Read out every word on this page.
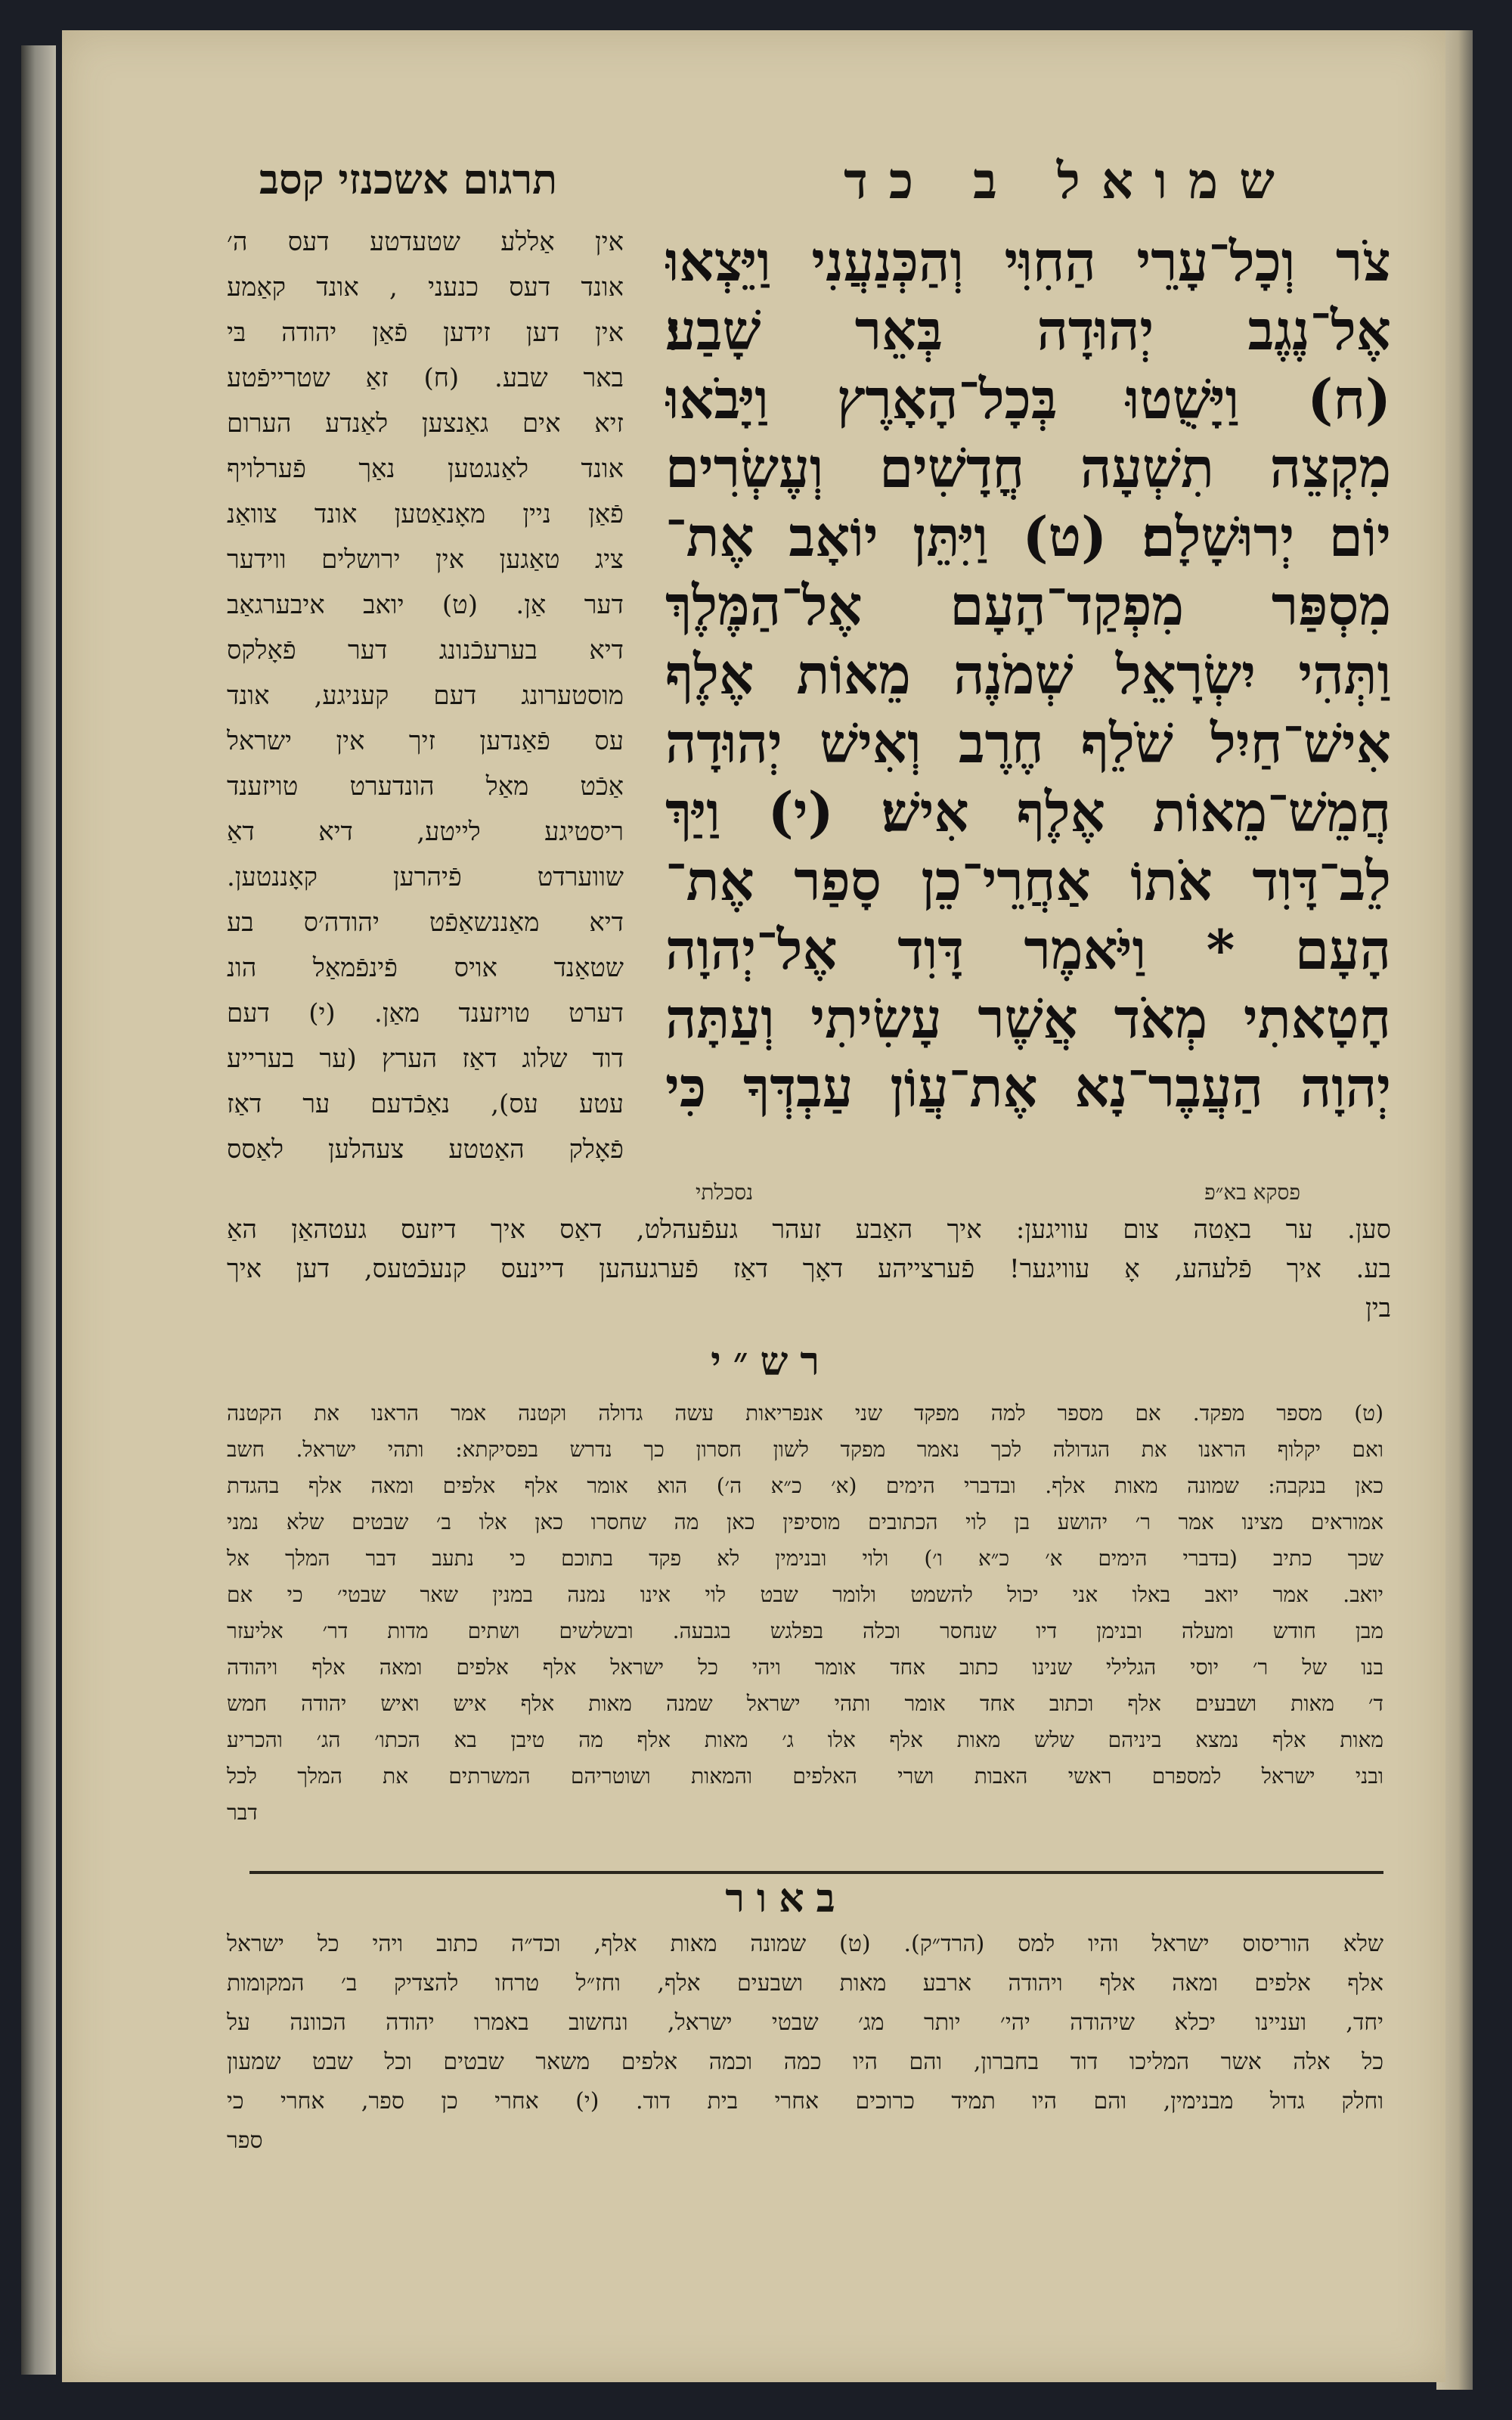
שמואל ב כד
תרגום אשכנזי קסב
צֹר וְכָל־עָרֵי הַחִוִּי וְהַכְּנַעֲנִי וַיֵּצְאוּ
אֶל־נֶגֶב יְהוּדָה בְּאֵר שָׁבַע׃
(ח) וַיָּשֻׁטוּ בְּכָל־הָאָרֶץ וַיָּבֹאוּ
מִקְצֵה תִשְׁעָה חֳדָשִׁים וְעֶשְׂרִים
יוֹם יְרוּשָׁלָם׃ (ט) וַיִּתֵּן יוֹאָב אֶת־
מִסְפַּר מִפְקַד־הָעָם אֶל־הַמֶּלֶךְ
וַתְּהִי יִשְׂרָאֵל שְׁמֹנֶה מֵאוֹת אֶלֶף
אִישׁ־חַיִל שֹׁלֵף חֶרֶב וְאִישׁ יְהוּדָה
חֲמֵשׁ־מֵאוֹת אֶלֶף אִישׁ׃ (י) וַיַּךְ
לֵב־דָּוִד אֹתוֹ אַחֲרֵי־כֵן סָפַר אֶת־
הָעָם * וַיֹּאמֶר דָּוִד אֶל־יְהוָה
חָטָאתִי מְאֹד אֲשֶׁר עָשִׂיתִי וְעַתָּה
יְהוָה הַעֲבֶר־נָא אֶת־עֲוֹן עַבְדְּךָ כִּי
פסקא בא״פ
נסכלתי
אין אַללע שטעדטע דעס ה׳
אונד דעס כנעני , אונד קאַמע
אין דען זידען פֿאַן יהודה בּי
באר שבע. (ח) זאַ שטרייפֿטע
זיא אים גאַנצען לאַנדע הערום
אונד לאַנגטען נאַך פֿערלויף
פֿאַן ניין מאָנאַטען אונד צוואַנ
ציג טאַגען אין ירושלים ווידער
דער אַן. (ט) יואב איבערגאַב
דיא בערעכֿנונג דער פֿאָלקס
מוסטערונג דעם קעניגע, אונד
עס פֿאַנדען זיך אין ישראל
אַכֿט מאַל הונדערט טויזענד
ריסטיגע לייטע, דיא דאַ
שווערדט פֿיהרען קאָננטען.
דיא מאַננשאַפֿט יהודה׳ס בע
שטאַנד אויס פֿינפֿמאַל הונ
דערט טויזענד מאַן. (י) דעם
דוד שלוג דאַז הערץ (ער בערייע
עטע עס), נאַכֿדעם ער דאַז
פֿאָלק האַטטע צעהלען לאַסס
סען. ער באַטה צום עוויגען: איך האַבע זעהר געפֿעהלט, דאַס איך דיזעס געטהאַן האַ
בע. איך פֿלעהע, אָ עוויגער! פֿערצייהע דאָך דאַז פֿערגעהען דיינעס קנעכֿטעס, דען איך
בין
רש״י
(ט) מספר מפקד. אם מספר למה מפקד שני אנפריאות עשה גדולה וקטנה אמר הראנו את הקטנה
ואם יקלוף הראנו את הגדולה לכך נאמר מפקד לשון חסרון כך נדרש בפסיקתא: ותהי ישראל. חשב
כאן בנקבה: שמונה מאות אלף. ובדברי הימים (א׳ כ״א ה׳) הוא אומר אלף אלפים ומאה אלף בהגדת
אמוראים מצינו אמר ר׳ יהושע בן לוי הכתובים מוסיפין כאן מה שחסרו כאן אלו ב׳ שבטים שלא נמני
שכך כתיב (בדברי הימים א׳ כ״א ו׳) ולוי ובנימין לא פקד בתוכם כי נתעב דבר המלך אל
יואב. אמר יואב באלו אני יכול להשמט ולומר שבט לוי אינו נמנה במנין שאר שבטי׳ כי אם
מבן חודש ומעלה ובנימן דיו שנחסר וכלה בפלגש בגבעה. ובשלשים ושתים מדות דר׳ אליעזר
בנו של ר׳ יוסי הגלילי שנינו כתוב אחד אומר ויהי כל ישראל אלף אלפים ומאה אלף ויהודה
ד׳ מאות ושבעים אלף וכתוב אחד אומר ותהי ישראל שמנה מאות אלף איש ואיש יהודה חמש
מאות אלף נמצא ביניהם שלש מאות אלף אלו ג׳ מאות אלף מה טיבן בא הכתו׳ הג׳ והכריע
ובני ישראל למספרם ראשי האבות ושרי האלפים והמאות ושוטריהם המשרתים את המלך לכל
דבר
באור
שלא הוריסוס ישראל והיו למס (הרד״ק). (ט) שמונה מאות אלף, וכד״ה כתוב ויהי כל ישראל
אלף אלפים ומאה אלף ויהודה ארבע מאות ושבעים אלף, וחז״ל טרחו להצדיק ב׳ המקומות
יחד, ועניינו יכלא שיהודה יהי׳ יותר מג׳ שבטי ישראל, ונחשוב באמרו יהודה הכוונה על
כל אלה אשר המליכו דוד בחברון, והם היו כמה וכמה אלפים משאר שבטים וכל שבט שמעון
וחלק גדול מבנימין, והם היו תמיד כרוכים אחרי בית דוד. (י) אחרי כן ספר, אחרי כי
ספר
